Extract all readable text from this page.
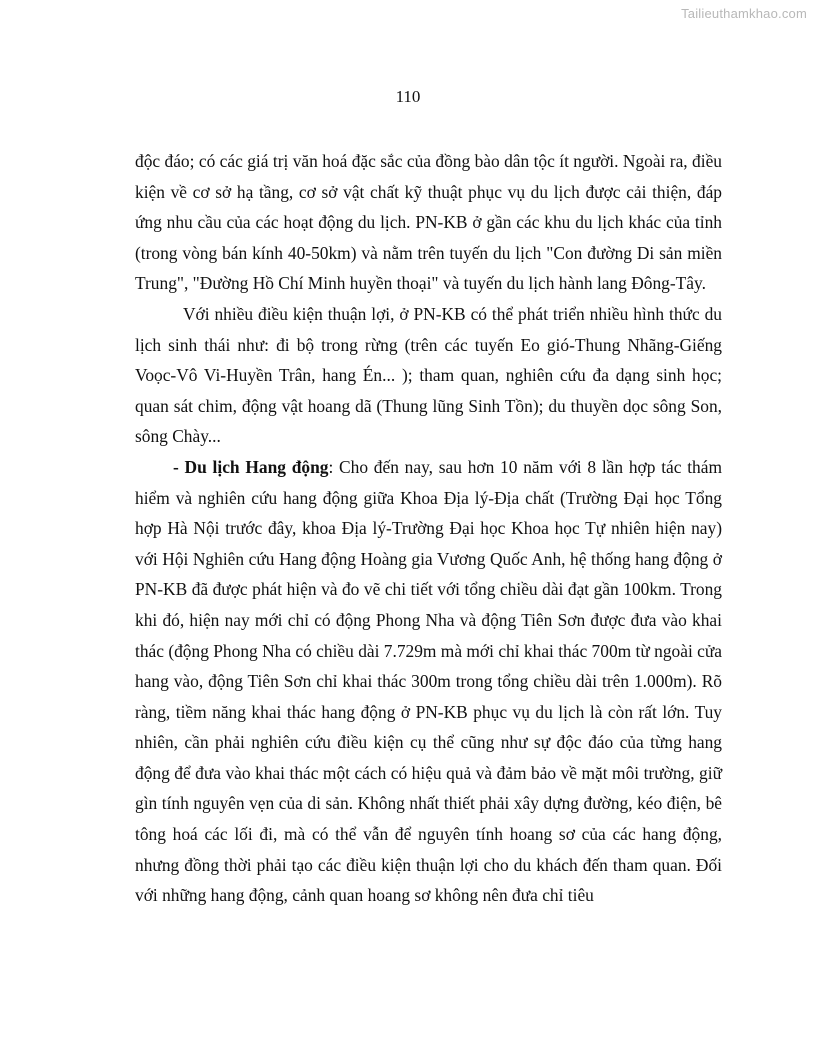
Tailieuthamkhao.com
110

độc đáo; có các giá trị văn hoá đặc sắc của đồng bào dân tộc ít người. Ngoài ra, điều kiện về cơ sở hạ tầng, cơ sở vật chất kỹ thuật phục vụ du lịch được cải thiện, đáp ứng nhu cầu của các hoạt động du lịch. PN-KB ở gần các khu du lịch khác của tỉnh (trong vòng bán kính 40-50km) và nằm trên tuyến du lịch "Con đường Di sản miền Trung", "Đường Hồ Chí Minh huyền thoại" và tuyến du lịch hành lang Đông-Tây.

Với nhiều điều kiện thuận lợi, ở PN-KB có thể phát triển nhiều hình thức du lịch sinh thái như: đi bộ trong rừng (trên các tuyến Eo gió-Thung Nhãng-Giếng Voọc-Vô Vi-Huyền Trân, hang Én... ); tham quan, nghiên cứu đa dạng sinh học; quan sát chim, động vật hoang dã (Thung lũng Sinh Tồn); du thuyền dọc sông Son, sông Chày...

- Du lịch Hang động: Cho đến nay, sau hơn 10 năm với 8 lần hợp tác thám hiểm và nghiên cứu hang động giữa Khoa Địa lý-Địa chất (Trường Đại học Tổng hợp Hà Nội trước đây, khoa Địa lý-Trường Đại học Khoa học Tự nhiên hiện nay) với Hội Nghiên cứu Hang động Hoàng gia Vương Quốc Anh, hệ thống hang động ở PN-KB đã được phát hiện và đo vẽ chi tiết với tổng chiều dài đạt gần 100km. Trong khi đó, hiện nay mới chỉ có động Phong Nha và động Tiên Sơn được đưa vào khai thác (động Phong Nha có chiều dài 7.729m mà mới chỉ khai thác 700m từ ngoài cửa hang vào, động Tiên Sơn chỉ khai thác 300m trong tổng chiều dài trên 1.000m). Rõ ràng, tiềm năng khai thác hang động ở PN-KB phục vụ du lịch là còn rất lớn. Tuy nhiên, cần phải nghiên cứu điều kiện cụ thể cũng như sự độc đáo của từng hang động để đưa vào khai thác một cách có hiệu quả và đảm bảo về mặt môi trường, giữ gìn tính nguyên vẹn của di sản. Không nhất thiết phải xây dựng đường, kéo điện, bê tông hoá các lối đi, mà có thể vẫn để nguyên tính hoang sơ của các hang động, nhưng đồng thời phải tạo các điều kiện thuận lợi cho du khách đến tham quan. Đối với những hang động, cảnh quan hoang sơ không nên đưa chỉ tiêu
